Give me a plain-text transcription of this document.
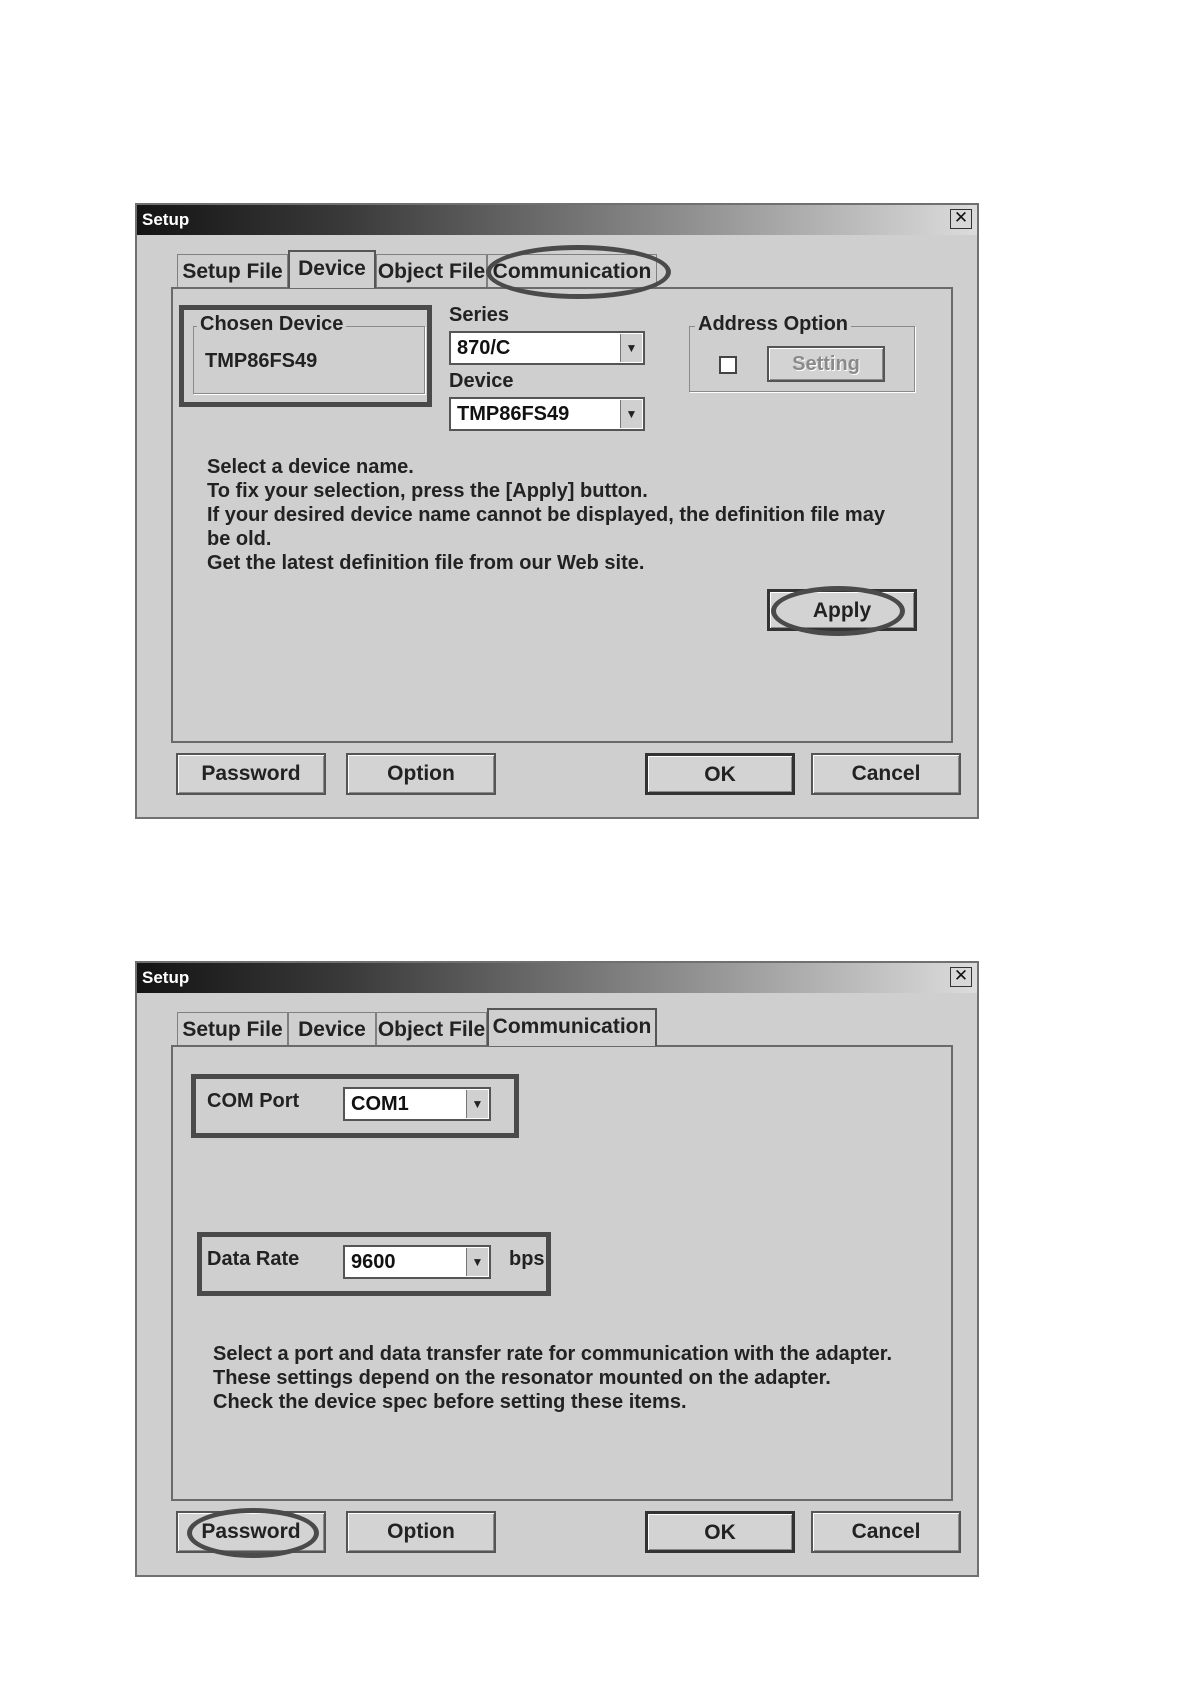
Setup	✕
Setup File Device Object File Communication
Chosen Device
TMP86FS49
Series
870/C	▼
Device
TMP86FS49	▼
Address Option
Setting
Select a device name.
To fix your selection, press the [Apply] button.
If your desired device name cannot be displayed, the definition file may
be old.
Get the latest definition file from our Web site.
Apply
Password	Option	OK	Cancel
Setup	✕
Setup File Device Object File Communication
COM Port	COM1	▼
Data Rate	9600	▼ bps
Select a port and data transfer rate for communication with the adapter.
These settings depend on the resonator mounted on the adapter.
Check the device spec before setting these items.
Password	Option	OK	Cancel
